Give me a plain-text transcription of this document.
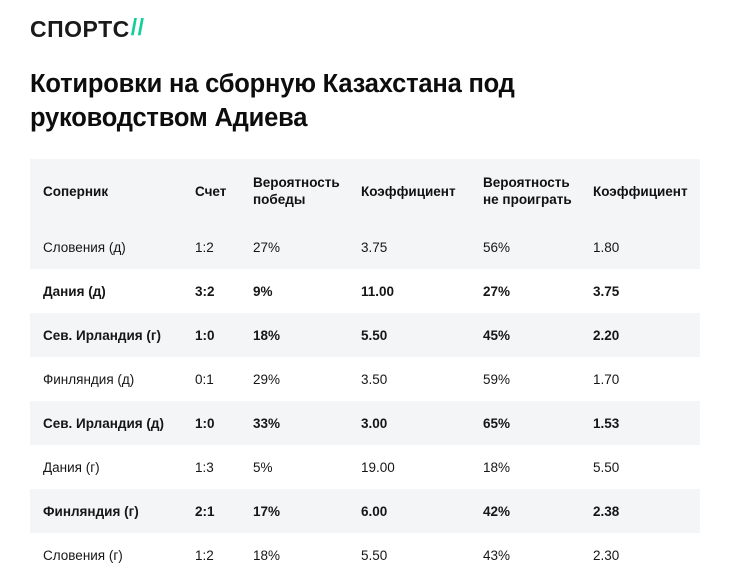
СПОРТС //
Котировки на сборную Казахстана под руководством Адиева
Соперник	Счет	Вероятность победы	Коэффициент	Вероятность не проиграть	Коэффициент
Словения (д)	1:2	27%	3.75	56%	1.80
Дания (д)	3:2	9%	11.00	27%	3.75
Сев. Ирландия (г)	1:0	18%	5.50	45%	2.20
Финляндия (д)	0:1	29%	3.50	59%	1.70
Сев. Ирландия (д)	1:0	33%	3.00	65%	1.53
Дания (г)	1:3	5%	19.00	18%	5.50
Финляндия (г)	2:1	17%	6.00	42%	2.38
Словения (г)	1:2	18%	5.50	43%	2.30
